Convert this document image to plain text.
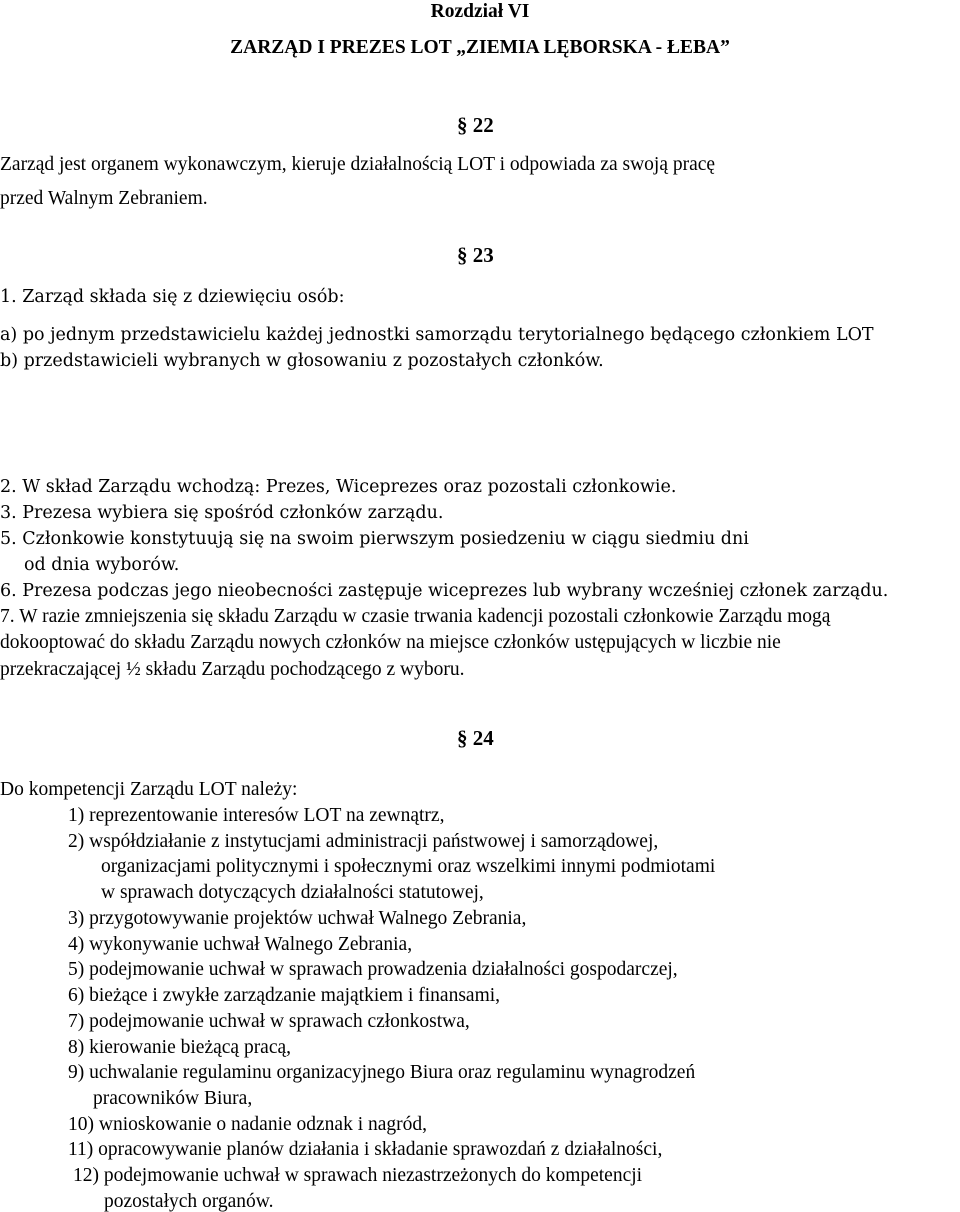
Rozdział VI
ZARZĄD I PREZES LOT „ZIEMIA LĘBORSKA - ŁEBA”
§ 22
Zarząd jest organem wykonawczym, kieruje działalnością LOT i odpowiada za swoją pracę
przed Walnym Zebraniem.
§ 23
1. Zarząd składa się z dziewięciu osób:
a) po jednym przedstawicielu każdej jednostki samorządu terytorialnego będącego członkiem LOT
b) przedstawicieli wybranych w głosowaniu z pozostałych członków.
2. W skład Zarządu wchodzą: Prezes, Wiceprezes oraz pozostali członkowie.
3. Prezesa wybiera się spośród członków zarządu.
5. Członkowie konstytuują się na swoim pierwszym posiedzeniu w ciągu siedmiu dni
od dnia wyborów.
6. Prezesa podczas jego nieobecności zastępuje wiceprezes lub wybrany wcześniej członek zarządu.
7. W razie zmniejszenia się składu Zarządu w czasie trwania kadencji pozostali członkowie Zarządu mogą
dokooptować do składu Zarządu nowych członków na miejsce członków ustępujących w liczbie nie
przekraczającej ½ składu Zarządu pochodzącego z wyboru.
§ 24
Do kompetencji Zarządu LOT należy:
1) reprezentowanie interesów LOT na zewnątrz,
2) współdziałanie z instytucjami administracji państwowej i samorządowej,
organizacjami politycznymi i społecznymi oraz wszelkimi innymi podmiotami
w sprawach dotyczących działalności statutowej,
3) przygotowywanie projektów uchwał Walnego Zebrania,
4) wykonywanie uchwał Walnego Zebrania,
5) podejmowanie uchwał w sprawach prowadzenia działalności gospodarczej,
6) bieżące i zwykłe zarządzanie majątkiem i finansami,
7) podejmowanie uchwał w sprawach członkostwa,
8) kierowanie bieżącą pracą,
9) uchwalanie regulaminu organizacyjnego Biura oraz regulaminu wynagrodzeń
pracowników Biura,
10) wnioskowanie o nadanie odznak i nagród,
11) opracowywanie planów działania i składanie sprawozdań z działalności,
12) podejmowanie uchwał w sprawach niezastrzeżonych do kompetencji
pozostałych organów.
